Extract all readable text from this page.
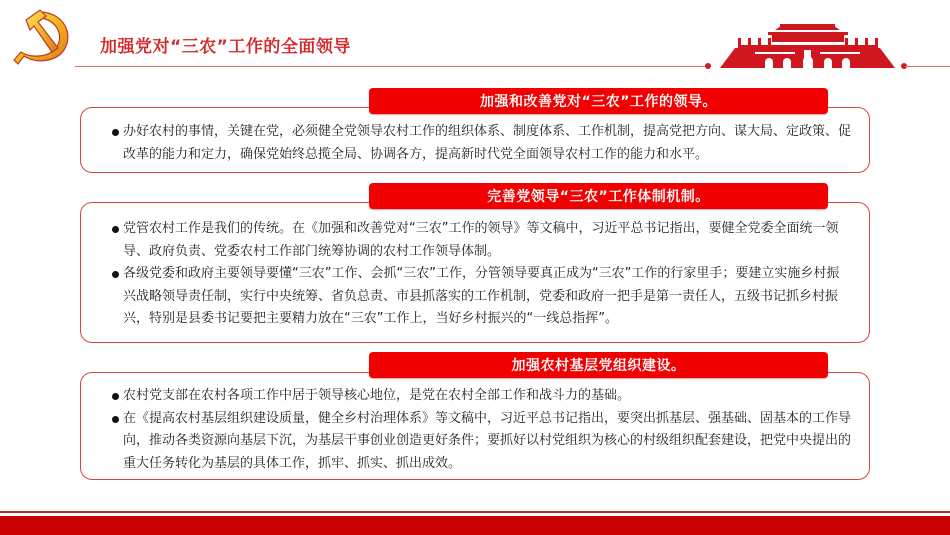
加强党对“三农”工作的全面领导
加强和改善党对“三农”工作的领导。
办好农村的事情，关键在党，必须健全党领导农村工作的组织体系、制度体系、工作机制，提高党把方向、谋大局、定政策、促改革的能力和定力，确保党始终总揽全局、协调各方，提高新时代党全面领导农村工作的能力和水平。
完善党领导“三农”工作体制机制。
党管农村工作是我们的传统。在《加强和改善党对“三农”工作的领导》等文稿中，习近平总书记指出，要健全党委全面统一领导、政府负责、党委农村工作部门统筹协调的农村工作领导体制。
各级党委和政府主要领导要懂“三农”工作、会抓“三农”工作，分管领导要真正成为“三农”工作的行家里手；要建立实施乡村振兴战略领导责任制，实行中央统筹、省负总责、市县抓落实的工作机制，党委和政府一把手是第一责任人，五级书记抓乡村振兴，特别是县委书记要把主要精力放在“三农”工作上，当好乡村振兴的“一线总指挥”。
加强农村基层党组织建设。
农村党支部在农村各项工作中居于领导核心地位，是党在农村全部工作和战斗力的基础。
在《提高农村基层组织建设质量，健全乡村治理体系》等文稿中，习近平总书记指出，要突出抓基层、强基础、固基本的工作导向，推动各类资源向基层下沉，为基层干事创业创造更好条件；要抓好以村党组织为核心的村级组织配套建设，把党中央提出的重大任务转化为基层的具体工作，抓牢、抓实、抓出成效。
